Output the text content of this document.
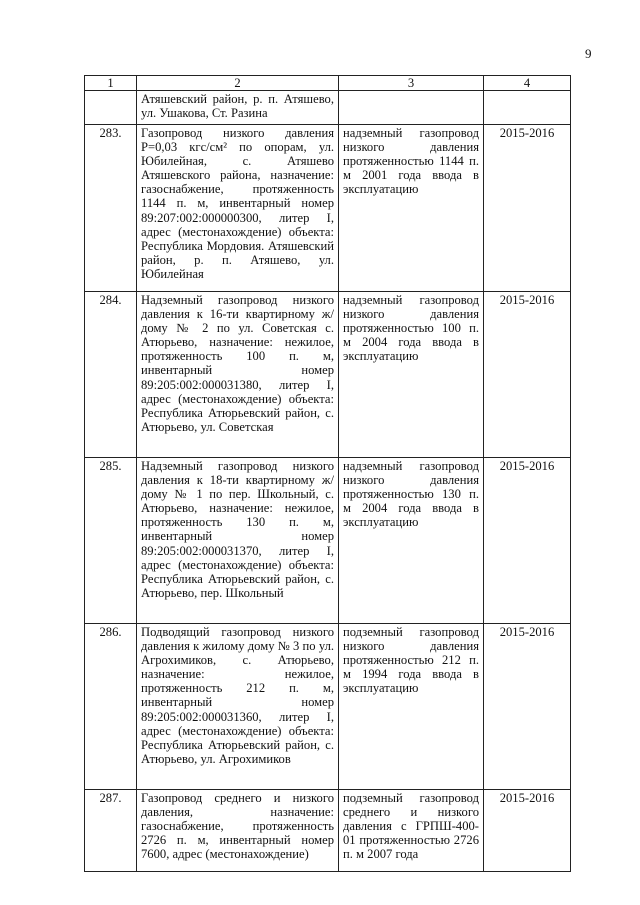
9
1	2	3	4
	Атяшевский район, р. п. Атяшево, ул. Ушакова, Ст. Разина		
283.	Газопровод низкого давления P=0,03 кгс/см² по опорам, ул. Юбилейная, с. Атяшево Атяшевского района, назначение: газоснабжение, протяженность 1144 п. м, инвентарный номер 89:207:002:000000300, литер I, адрес (местонахождение) объекта: Республика Мордовия. Атяшевский район, р. п. Атяшево, ул. Юбилейная	надземный газопровод низкого давления протяженностью 1144 п. м 2001 года ввода в эксплуатацию	2015-2016
284.	Надземный газопровод низкого давления к 16-ти квартирному ж/дому № 2 по ул. Советская с. Атюрьево, назначение: нежилое, протяженность 100 п. м, инвентарный номер 89:205:002:000031380, литер I, адрес (местонахождение) объекта: Республика Атюрьевский район, с. Атюрьево, ул. Советская	надземный газопровод низкого давления протяженностью 100 п. м 2004 года ввода в эксплуатацию	2015-2016
285.	Надземный газопровод низкого давления к 18-ти квартирному ж/дому № 1 по пер. Школьный, с. Атюрьево, назначение: нежилое, протяженность 130 п. м, инвентарный номер 89:205:002:000031370, литер I, адрес (местонахождение) объекта: Республика Атюрьевский район, с. Атюрьево, пер. Школьный	надземный газопровод низкого давления протяженностью 130 п. м 2004 года ввода в эксплуатацию	2015-2016
286.	Подводящий газопровод низкого давления к жилому дому № 3 по ул. Агрохимиков, с. Атюрьево, назначение: нежилое, протяженность 212 п. м, инвентарный номер 89:205:002:000031360, литер I, адрес (местонахождение) объекта: Республика Атюрьевский район, с. Атюрьево, ул. Агрохимиков	подземный газопровод низкого давления протяженностью 212 п. м 1994 года ввода в эксплуатацию	2015-2016
287.	Газопровод среднего и низкого давления, назначение: газоснабжение, протяженность 2726 п. м, инвентарный номер 7600, адрес (местонахождение)	подземный газопровод среднего и низкого давления с ГРПШ-400-01 протяженностью 2726 п. м 2007 года	2015-2016
